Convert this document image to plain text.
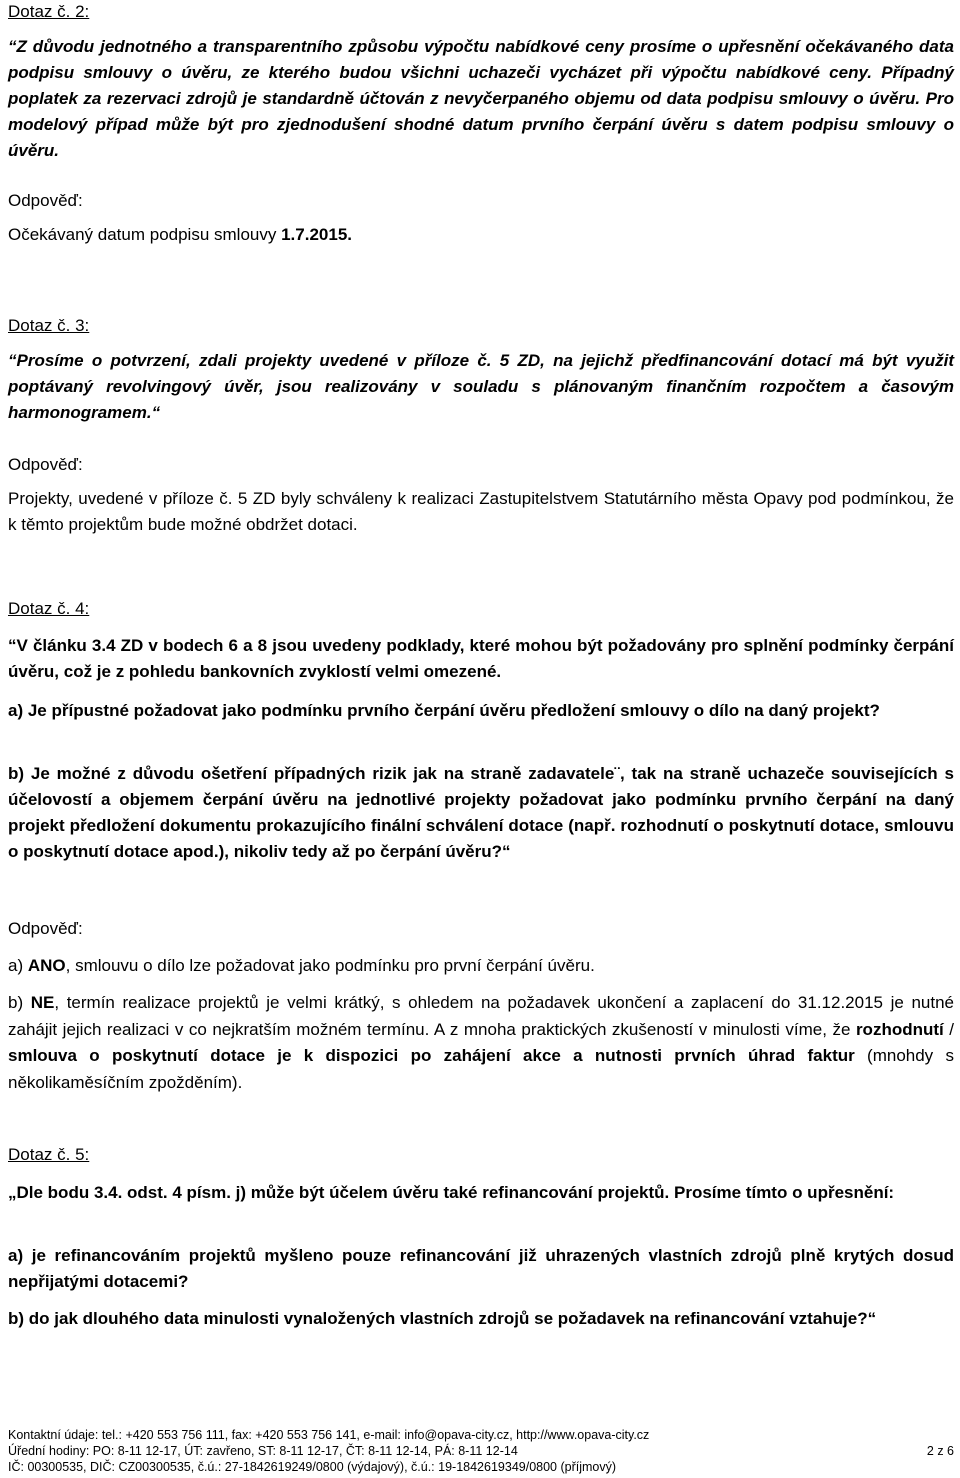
Dotaz č. 2:

“Z důvodu jednotného a transparentního způsobu výpočtu nabídkové ceny prosíme o upřesnění očekávaného data podpisu smlouvy o úvěru, ze kterého budou všichni uchazeči vycházet při výpočtu nabídkové ceny. Případný poplatek za rezervaci zdrojů je standardně účtován z nevyčerpaného objemu od data podpisu smlouvy o úvěru. Pro modelový případ může být pro zjednodušení shodné datum prvního čerpání úvěru s datem podpisu smlouvy o úvěru.

Odpověď:

Očekávaný datum podpisu smlouvy 1.7.2015.

Dotaz č. 3:

“Prosíme o potvrzení, zdali projekty uvedené v příloze č. 5 ZD, na jejichž předfinancování dotací má být využit poptávaný revolvingový úvěr, jsou realizovány v souladu s plánovaným finančním rozpočtem a časovým harmonogramem.“

Odpověď:

Projekty, uvedené v příloze č. 5 ZD byly schváleny k realizaci Zastupitelstvem Statutárního města Opavy pod podmínkou, že k těmto projektům bude možné obdržet dotaci.

Dotaz č. 4:

“V článku 3.4 ZD v bodech 6 a 8 jsou uvedeny podklady, které mohou být požadovány pro splnění podmínky čerpání úvěru, což je z pohledu bankovních zvyklostí velmi omezené.

a) Je přípustné požadovat jako podmínku prvního čerpání úvěru předložení smlouvy o dílo na daný projekt?

b) Je možné z důvodu ošetření případných rizik jak na straně zadavatele¨, tak na straně uchazeče souvisejících s účelovostí a objemem čerpání úvěru na jednotlivé projekty požadovat jako podmínku prvního čerpání na daný projekt předložení dokumentu prokazujícího finální schválení dotace (např. rozhodnutí o poskytnutí dotace, smlouvu o poskytnutí dotace apod.), nikoliv tedy až po čerpání úvěru?“

Odpověď:

a) ANO, smlouvu o dílo lze požadovat jako podmínku pro první čerpání úvěru.

b) NE, termín realizace projektů je velmi krátký, s ohledem na požadavek ukončení a zaplacení do 31.12.2015 je nutné zahájit jejich realizaci v co nejkratším možném termínu. A z mnoha praktických zkušeností v minulosti víme, že rozhodnutí / smlouva o poskytnutí dotace je k dispozici po zahájení akce a nutnosti prvních úhrad faktur (mnohdy s několikaměsíčním zpožděním).

Dotaz č. 5:

„Dle bodu 3.4. odst. 4 písm. j) může být účelem úvěru také refinancování projektů. Prosíme tímto o upřesnění:

a) je refinancováním projektů myšleno pouze refinancování již uhrazených vlastních zdrojů plně krytých dosud nepřijatými dotacemi?

b) do jak dlouhého data minulosti vynaložených vlastních zdrojů se požadavek na refinancování vztahuje?“

Kontaktní údaje: tel.: +420 553 756 111, fax: +420 553 756 141, e-mail: info@opava-city.cz, http://www.opava-city.cz
Úřední hodiny: PO: 8-11 12-17, ÚT: zavřeno, ST: 8-11 12-17, ČT: 8-11 12-14, PÁ: 8-11 12-14	2 z 6
IČ: 00300535, DIČ: CZ00300535, č.ú.: 27-1842619249/0800 (výdajový), č.ú.: 19-1842619349/0800 (příjmový)
